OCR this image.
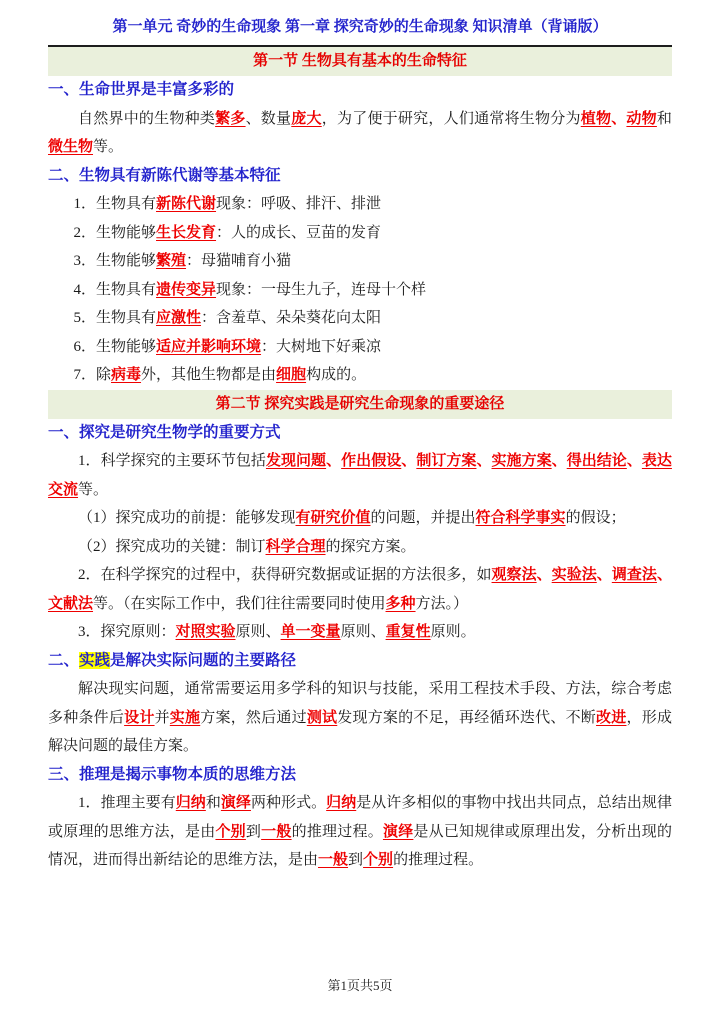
第一单元 奇妙的生命现象 第一章 探究奇妙的生命现象 知识清单（背诵版）
第一节 生物具有基本的生命特征
一、生命世界是丰富多彩的
自然界中的生物种类繁多、数量庞大，为了便于研究，人们通常将生物分为植物、动物和微生物等。
二、生物具有新陈代谢等基本特征
1．生物具有新陈代谢现象：呼吸、排汗、排泄
2．生物能够生长发育：人的成长、豆苗的发育
3．生物能够繁殖：母猫哺育小猫
4．生物具有遗传变异现象：一母生九子，连母十个样
5．生物具有应激性：含羞草、朵朵葵花向太阳
6．生物能够适应并影响环境：大树地下好乘凉
7．除病毒外，其他生物都是由细胞构成的。
第二节 探究实践是研究生命现象的重要途径
一、探究是研究生物学的重要方式
1．科学探究的主要环节包括发现问题、作出假设、制订方案、实施方案、得出结论、表达交流等。
（1）探究成功的前提：能够发现有研究价值的问题，并提出符合科学事实的假设；
（2）探究成功的关键：制订科学合理的探究方案。
2．在科学探究的过程中，获得研究数据或证据的方法很多，如观察法、实验法、调查法、文献法等。（在实际工作中，我们往往需要同时使用多种方法。）
3．探究原则：对照实验原则、单一变量原则、重复性原则。
二、实践是解决实际问题的主要路径
解决现实问题，通常需要运用多学科的知识与技能，采用工程技术手段、方法，综合考虑多种条件后设计并实施方案，然后通过测试发现方案的不足，再经循环迭代、不断改进，形成解决问题的最佳方案。
三、推理是揭示事物本质的思维方法
1．推理主要有归纳和演绎两种形式。归纳是从许多相似的事物中找出共同点，总结出规律或原理的思维方法，是由个别到一般的推理过程。演绎是从已知规律或原理出发，分析出现的情况，进而得出新结论的思维方法，是由一般到个别的推理过程。
第1页共5页
